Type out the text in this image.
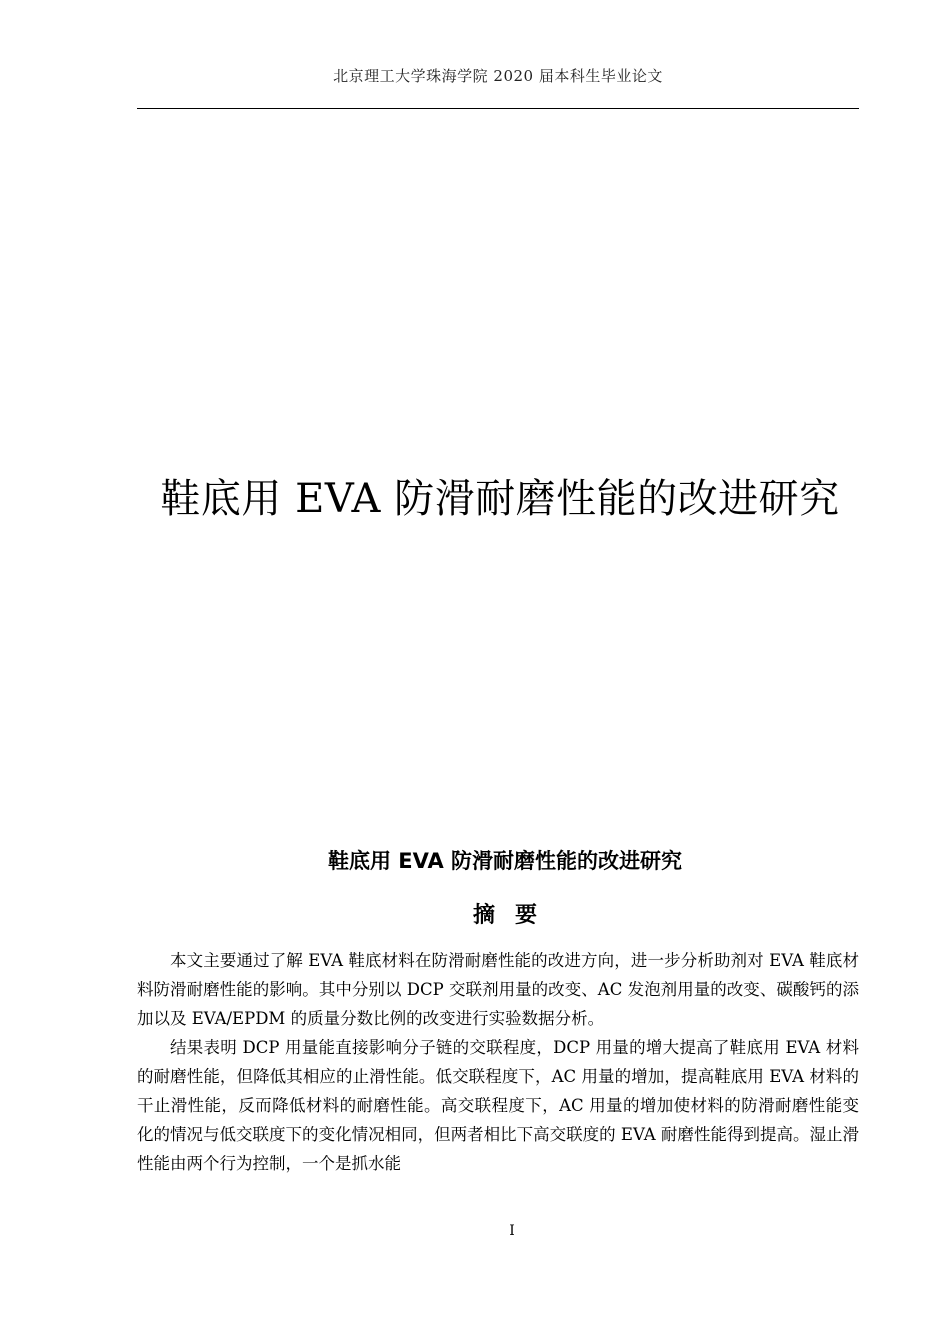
北京理工大学珠海学院 2020 届本科生毕业论文
鞋底用 EVA 防滑耐磨性能的改进研究
鞋底用 EVA 防滑耐磨性能的改进研究
摘要

本文主要通过了解 EVA 鞋底材料在防滑耐磨性能的改进方向，进一步分析助剂对 EVA 鞋底材料防滑耐磨性能的影响。其中分别以 DCP 交联剂用量的改变、AC 发泡剂用量的改变、碳酸钙的添加以及 EVA/EPDM 的质量分数比例的改变进行实验数据分析。

结果表明 DCP 用量能直接影响分子链的交联程度，DCP 用量的增大提高了鞋底用 EVA 材料的耐磨性能，但降低其相应的止滑性能。低交联程度下，AC 用量的增加，提高鞋底用 EVA 材料的干止滑性能，反而降低材料的耐磨性能。高交联程度下，AC 用量的增加使材料的防滑耐磨性能变化的情况与低交联度下的变化情况相同，但两者相比下高交联度的 EVA 耐磨性能得到提高。湿止滑性能由两个行为控制，一个是抓水能

I
